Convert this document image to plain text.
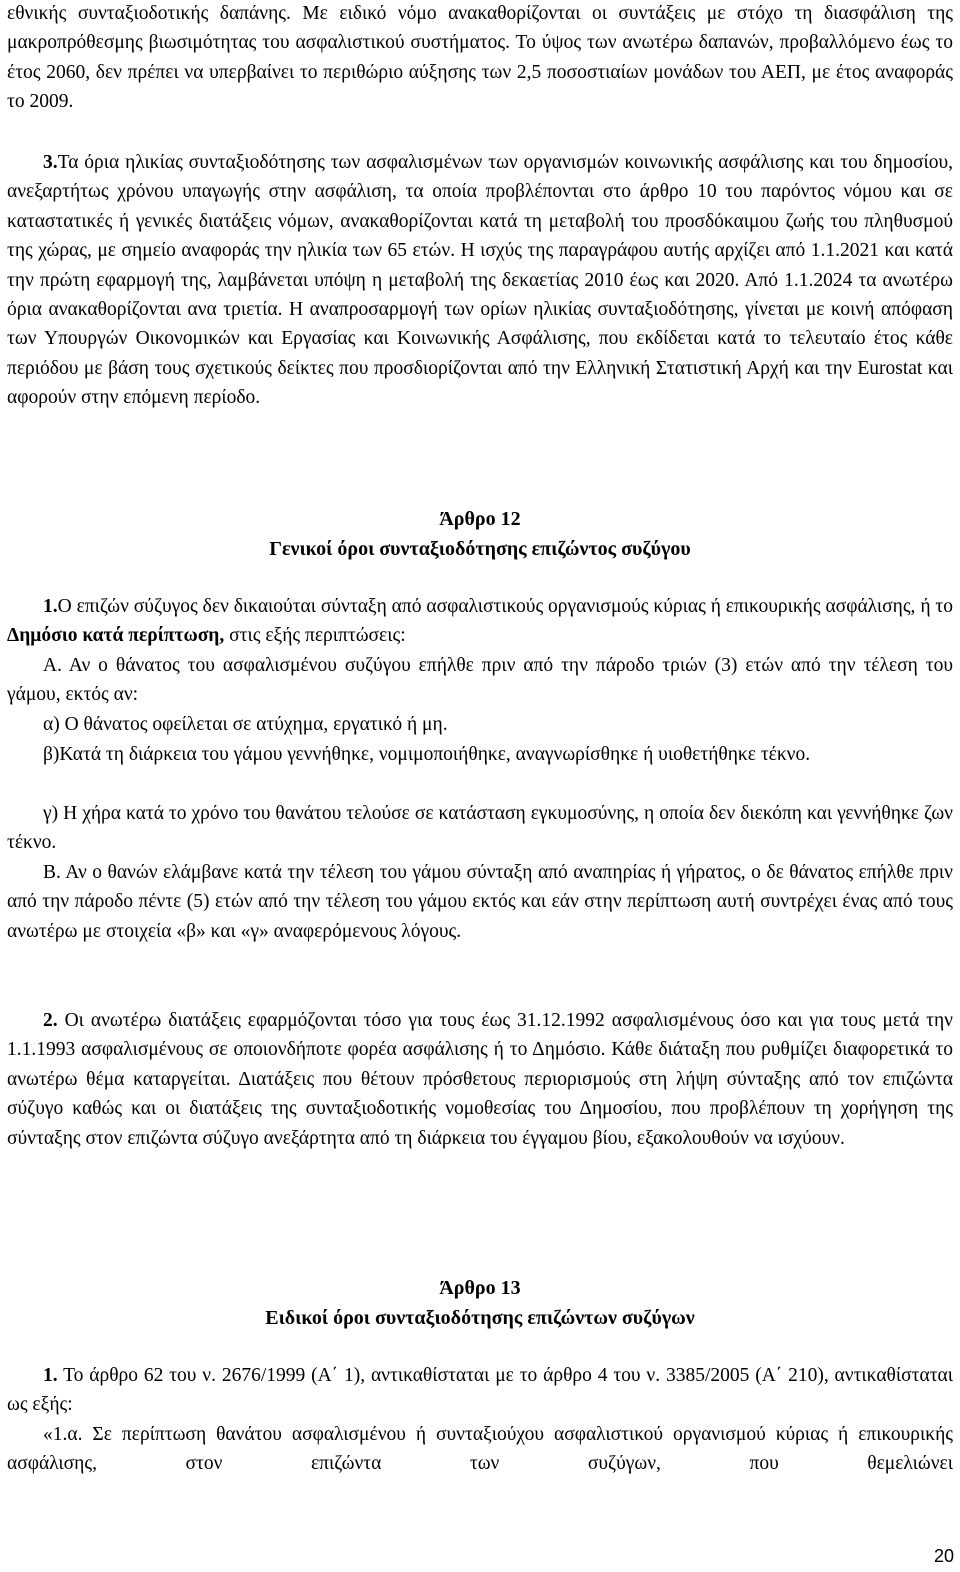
εθνικής συνταξιοδοτικής δαπάνης. Με ειδικό νόμο ανακαθορίζονται οι συντάξεις με στόχο τη διασφάλιση της μακροπρόθεσμης βιωσιμότητας του ασφαλιστικού συστήματος. Το ύψος των ανωτέρω δαπανών, προβαλλόμενο έως το έτος 2060, δεν πρέπει να υπερβαίνει το περιθώριο αύξησης των 2,5 ποσοστιαίων μονάδων του ΑΕΠ, με έτος αναφοράς το 2009.

3.Τα όρια ηλικίας συνταξιοδότησης των ασφαλισμένων των οργανισμών κοινωνικής ασφάλισης και του δημοσίου, ανεξαρτήτως χρόνου υπαγωγής στην ασφάλιση, τα οποία προβλέπονται στο άρθρο 10 του παρόντος νόμου και σε καταστατικές ή γενικές διατάξεις νόμων, ανακαθορίζονται κατά τη μεταβολή του προσδόκαιμου ζωής του πληθυσμού της χώρας, με σημείο αναφοράς την ηλικία των 65 ετών. Η ισχύς της παραγράφου αυτής αρχίζει από 1.1.2021 και κατά την πρώτη εφαρμογή της, λαμβάνεται υπόψη η μεταβολή της δεκαετίας 2010 έως και 2020. Από 1.1.2024 τα ανωτέρω όρια ανακαθορίζονται ανα τριετία. Η αναπροσαρμογή των ορίων ηλικίας συνταξιοδότησης, γίνεται με κοινή απόφαση των Υπουργών Οικονομικών και Εργασίας και Κοινωνικής Ασφάλισης, που εκδίδεται κατά το τελευταίο έτος κάθε περιόδου με βάση τους σχετικούς δείκτες που προσδιορίζονται από την Ελληνική Στατιστική Αρχή και την Eurostat και αφορούν στην επόμενη περίοδο.

Άρθρο 12
Γενικοί όροι συνταξιοδότησης επιζώντος συζύγου

1.Ο επιζών σύζυγος δεν δικαιούται σύνταξη από ασφαλιστικούς οργανισμούς κύριας ή επικουρικής ασφάλισης, ή το Δημόσιο κατά περίπτωση, στις εξής περιπτώσεις:

Α. Αν ο θάνατος του ασφαλισμένου συζύγου επήλθε πριν από την πάροδο τριών (3) ετών από την τέλεση του γάμου, εκτός αν:

α) Ο θάνατος οφείλεται σε ατύχημα, εργατικό ή μη.

β)Κατά τη διάρκεια του γάμου γεννήθηκε, νομιμοποιήθηκε, αναγνωρίσθηκε ή υιοθετήθηκε τέκνο.

γ) Η χήρα κατά το χρόνο του θανάτου τελούσε σε κατάσταση εγκυμοσύνης, η οποία δεν διεκόπη και γεννήθηκε ζων τέκνο.

Β. Αν ο θανών ελάμβανε κατά την τέλεση του γάμου σύνταξη από αναπηρίας ή γήρατος, ο δε θάνατος επήλθε πριν από την πάροδο πέντε (5) ετών από την τέλεση του γάμου εκτός και εάν στην περίπτωση αυτή συντρέχει ένας από τους ανωτέρω με στοιχεία «β» και «γ» αναφερόμενους λόγους.

2. Οι ανωτέρω διατάξεις εφαρμόζονται τόσο για τους έως 31.12.1992 ασφαλισμένους όσο και για τους μετά την 1.1.1993 ασφαλισμένους σε οποιονδήποτε φορέα ασφάλισης ή το Δημόσιο. Κάθε διάταξη που ρυθμίζει διαφορετικά το ανωτέρω θέμα καταργείται. Διατάξεις που θέτουν πρόσθετους περιορισμούς στη λήψη σύνταξης από τον επιζώντα σύζυγο καθώς και οι διατάξεις της συνταξιοδοτικής νομοθεσίας του Δημοσίου, που προβλέπουν τη χορήγηση της σύνταξης στον επιζώντα σύζυγο ανεξάρτητα από τη διάρκεια του έγγαμου βίου, εξακολουθούν να ισχύουν.

Άρθρο 13
Ειδικοί όροι συνταξιοδότησης επιζώντων συζύγων

1. Το άρθρο 62 του ν. 2676/1999 (Α΄ 1), αντικαθίσταται με το άρθρο 4 του ν. 3385/2005 (Α΄ 210), αντικαθίσταται ως εξής:

«1.α. Σε περίπτωση θανάτου ασφαλισμένου ή συνταξιούχου ασφαλιστικού οργανισμού κύριας ή επικουρικής ασφάλισης, στον επιζώντα των συζύγων, που θεμελιώνει

20
